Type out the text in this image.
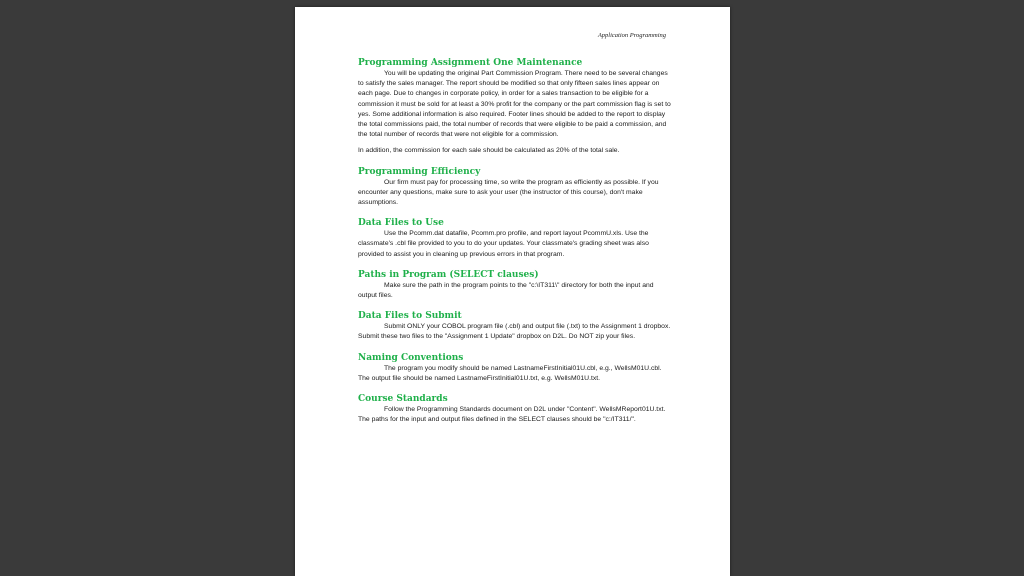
Application Programming
Programming Assignment One Maintenance

You will be updating the original Part Commission Program. There need to be several changes to satisfy the sales manager. The report should be modified so that only fifteen sales lines appear on each page. Due to changes in corporate policy, in order for a sales transaction to be eligible for a commission it must be sold for at least a 30% profit for the company or the part commission flag is set to yes. Some additional information is also required. Footer lines should be added to the report to display the total commissions paid, the total number of records that were eligible to be paid a commission, and the total number of records that were not eligible for a commission.

In addition, the commission for each sale should be calculated as 20% of the total sale.

Programming Efficiency

Our firm must pay for processing time, so write the program as efficiently as possible. If you encounter any questions, make sure to ask your user (the instructor of this course), don't make assumptions.

Data Files to Use

Use the Pcomm.dat datafile, Pcomm.pro profile, and report layout PcommU.xls. Use the classmate's .cbl file provided to you to do your updates. Your classmate's grading sheet was also provided to assist you in cleaning up previous errors in that program.

Paths in Program (SELECT clauses)

Make sure the path in the program points to the "c:\IT311\" directory for both the input and output files.

Data Files to Submit

Submit ONLY your COBOL program file (.cbl) and output file (.txt) to the Assignment 1 dropbox. Submit these two files to the "Assignment 1 Update" dropbox on D2L. Do NOT zip your files.

Naming Conventions

The program you modify should be named LastnameFirstInitial01U.cbl, e.g., WellsM01U.cbl. The output file should be named LastnameFirstInitial01U.txt, e.g. WellsM01U.txt.

Course Standards

Follow the Programming Standards document on D2L under "Content". WellsMReport01U.txt. The paths for the input and output files defined in the SELECT clauses should be "c:/IT311/".
